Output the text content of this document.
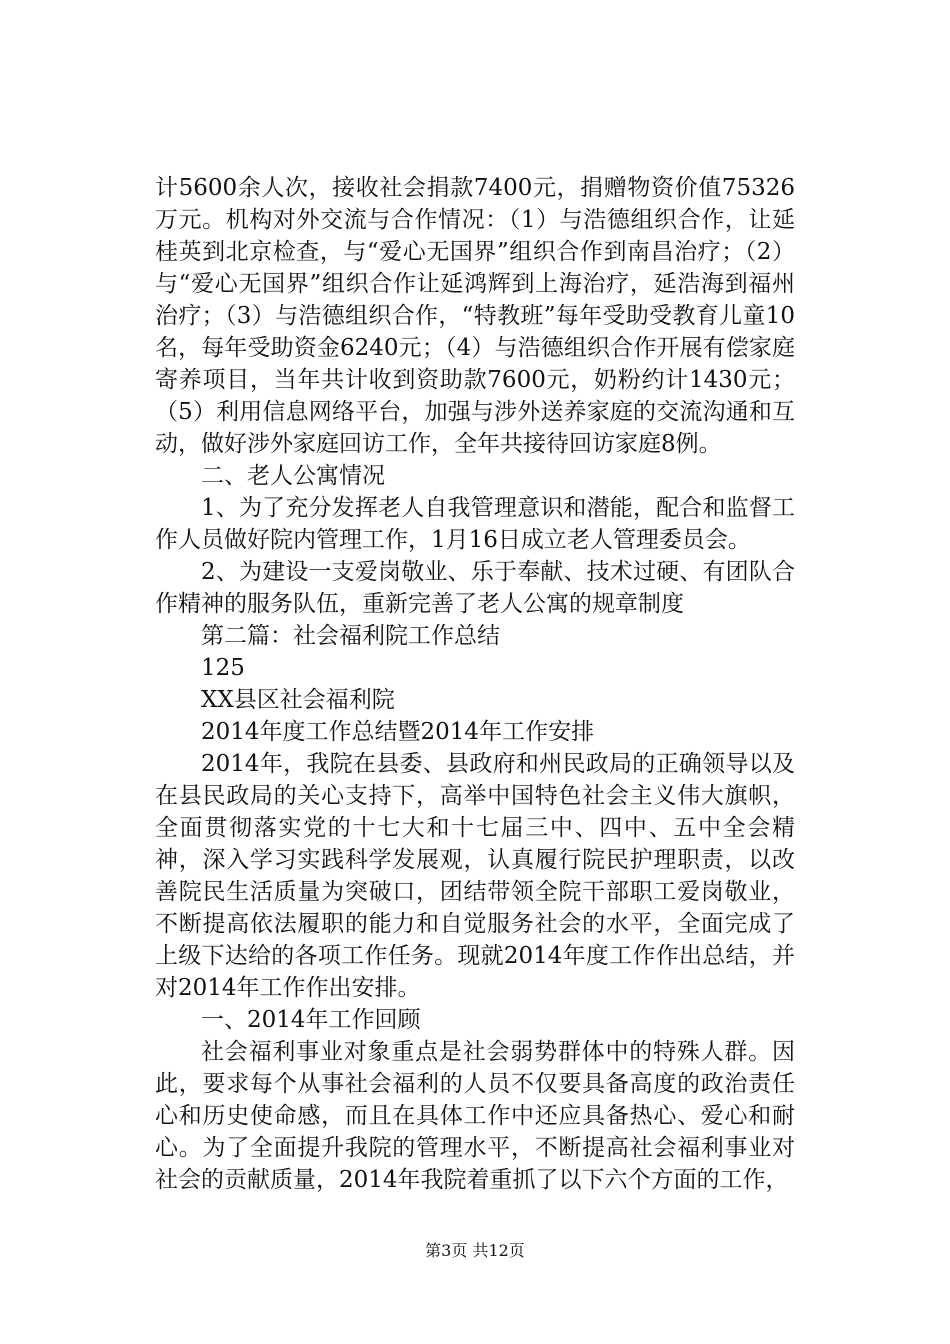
计5600余人次，接收社会捐款7400元，捐赠物资价值75326万元。机构对外交流与合作情况：（1）与浩德组织合作，让延桂英到北京检查，与“爱心无国界”组织合作到南昌治疗；（2）与“爱心无国界”组织合作让延鸿辉到上海治疗，延浩海到福州治疗；（3）与浩德组织合作，“特教班”每年受助受教育儿童10名，每年受助资金6240元；（4）与浩德组织合作开展有偿家庭寄养项目，当年共计收到资助款7600元，奶粉约计1430元；（5）利用信息网络平台，加强与涉外送养家庭的交流沟通和互动，做好涉外家庭回访工作，全年共接待回访家庭8例。

二、老人公寓情况

1、为了充分发挥老人自我管理意识和潜能，配合和监督工作人员做好院内管理工作，1月16日成立老人管理委员会。

2、为建设一支爱岗敬业、乐于奉献、技术过硬、有团队合作精神的服务队伍，重新完善了老人公寓的规章制度

第二篇：社会福利院工作总结

125

XX县区社会福利院

2014年度工作总结暨2014年工作安排

2014年，我院在县委、县政府和州民政局的正确领导以及在县民政局的关心支持下，高举中国特色社会主义伟大旗帜，全面贯彻落实党的十七大和十七届三中、四中、五中全会精神，深入学习实践科学发展观，认真履行院民护理职责，以改善院民生活质量为突破口，团结带领全院干部职工爱岗敬业，不断提高依法履职的能力和自觉服务社会的水平，全面完成了上级下达给的各项工作任务。现就2014年度工作作出总结，并对2014年工作作出安排。

一、2014年工作回顾

社会福利事业对象重点是社会弱势群体中的特殊人群。因此，要求每个从事社会福利的人员不仅要具备高度的政治责任心和历史使命感，而且在具体工作中还应具备热心、爱心和耐心。为了全面提升我院的管理水平，不断提高社会福利事业对社会的贡献质量，2014年我院着重抓了以下六个方面的工作，

第3页 共12页
